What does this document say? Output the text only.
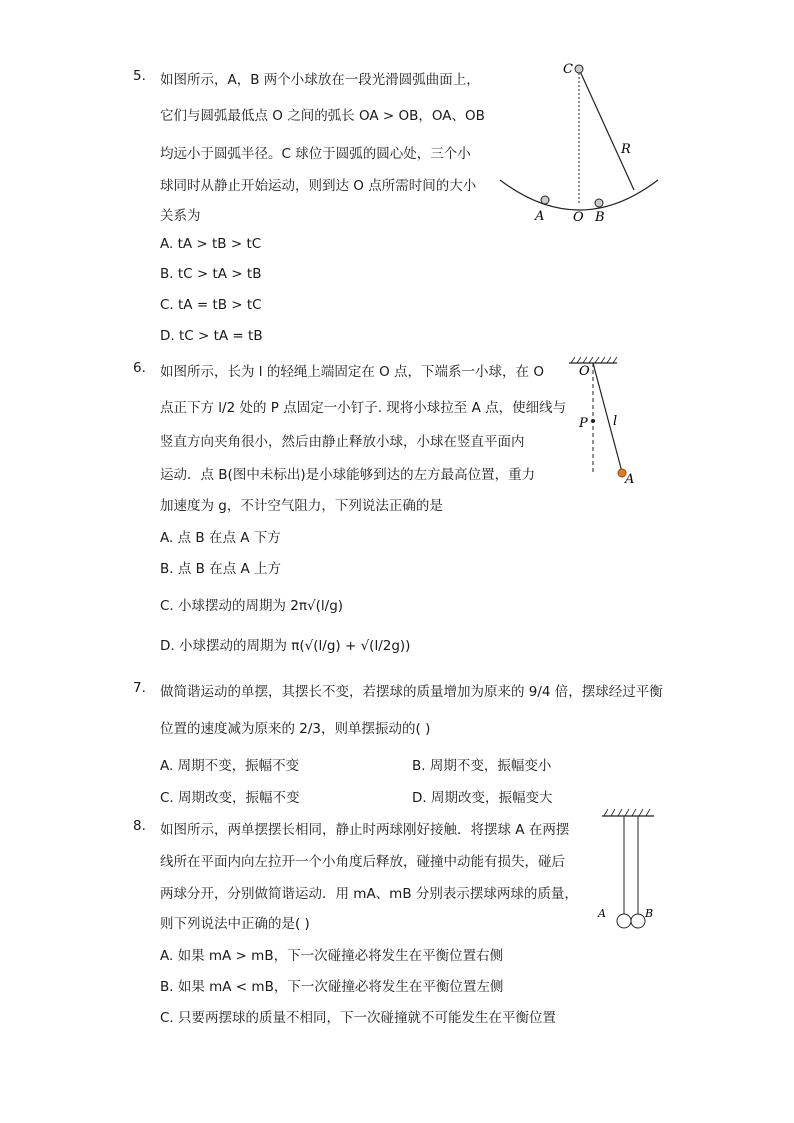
5. 如图所示，A，B 两个小球放在一段光滑圆弧曲面上，
它们与圆弧最低点 O 之间的弧长 OA > OB，OA、OB
均远小于圆弧半径。C 球位于圆弧的圆心处，三个小
球同时从静止开始运动，则到达 O 点所需时间的大小
关系为
A. tA > tB > tC
B. tC > tA > tB
C. tA = tB > tC
D. tC > tA = tB
C
R
A O B
6. 如图所示，长为 l 的轻绳上端固定在 O 点，下端系一小球，在 O
点正下方 l/2 处的 P 点固定一小钉子. 现将小球拉至 A 点，使细线与
竖直方向夹角很小，然后由静止释放小球，小球在竖直平面内
运动．点 B(图中未标出)是小球能够到达的左方最高位置，重力
加速度为 g，不计空气阻力，下列说法正确的是
A. 点 B 在点 A 下方
B. 点 B 在点 A 上方
C. 小球摆动的周期为 2π√(l/g)
D. 小球摆动的周期为 π(√(l/g) + √(l/2g))
O
P l
A
7. 做简谐运动的单摆，其摆长不变，若摆球的质量增加为原来的 9/4 倍，摆球经过平衡
位置的速度减为原来的 2/3，则单摆振动的( )
A. 周期不变，振幅不变	B. 周期不变，振幅变小
C. 周期改变，振幅不变	D. 周期改变，振幅变大
8. 如图所示，两单摆摆长相同，静止时两球刚好接触．将摆球 A 在两摆
线所在平面内向左拉开一个小角度后释放，碰撞中动能有损失，碰后
两球分开，分别做简谐运动．用 mA、mB 分别表示摆球两球的质量，
则下列说法中正确的是( )
A. 如果 mA > mB，下一次碰撞必将发生在平衡位置右侧
B. 如果 mA < mB，下一次碰撞必将发生在平衡位置左侧
C. 只要两摆球的质量不相同，下一次碰撞就不可能发生在平衡位置
A	B
